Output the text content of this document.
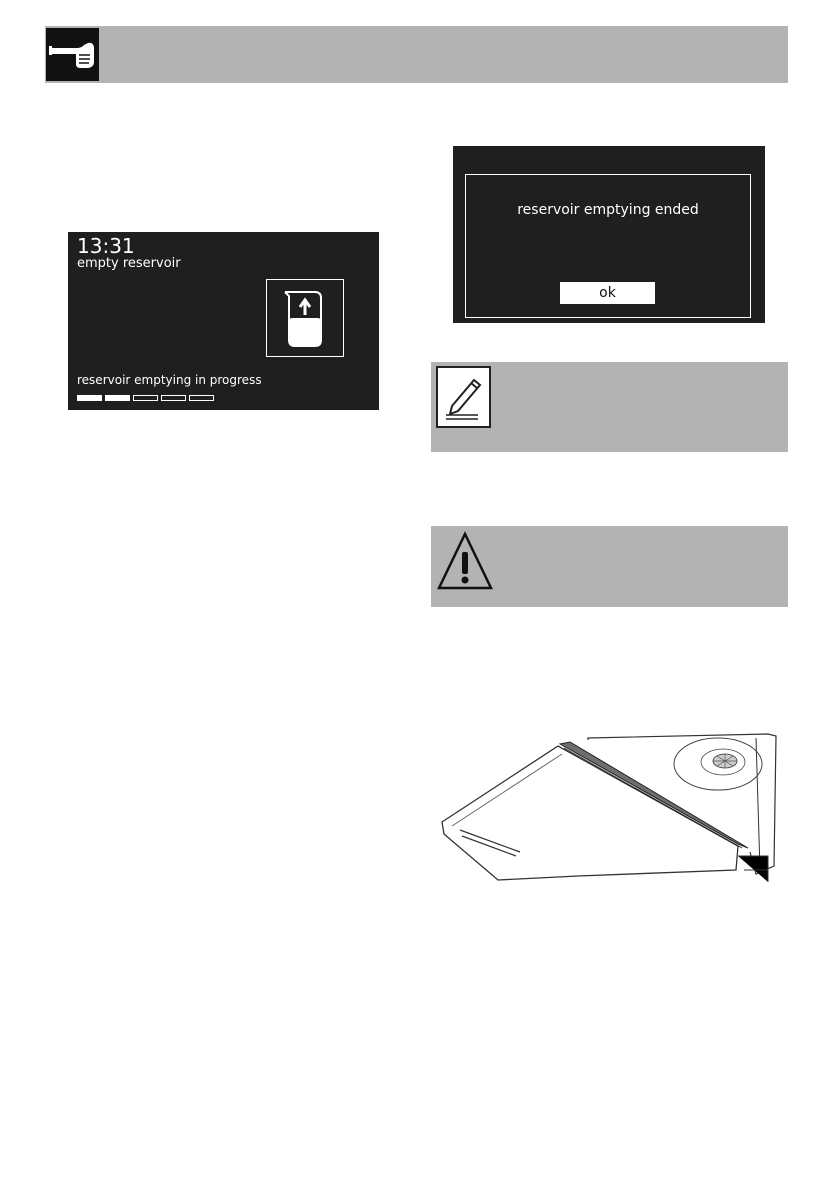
13:31
empty reservoir
reservoir emptying in progress
reservoir emptying ended
ok
